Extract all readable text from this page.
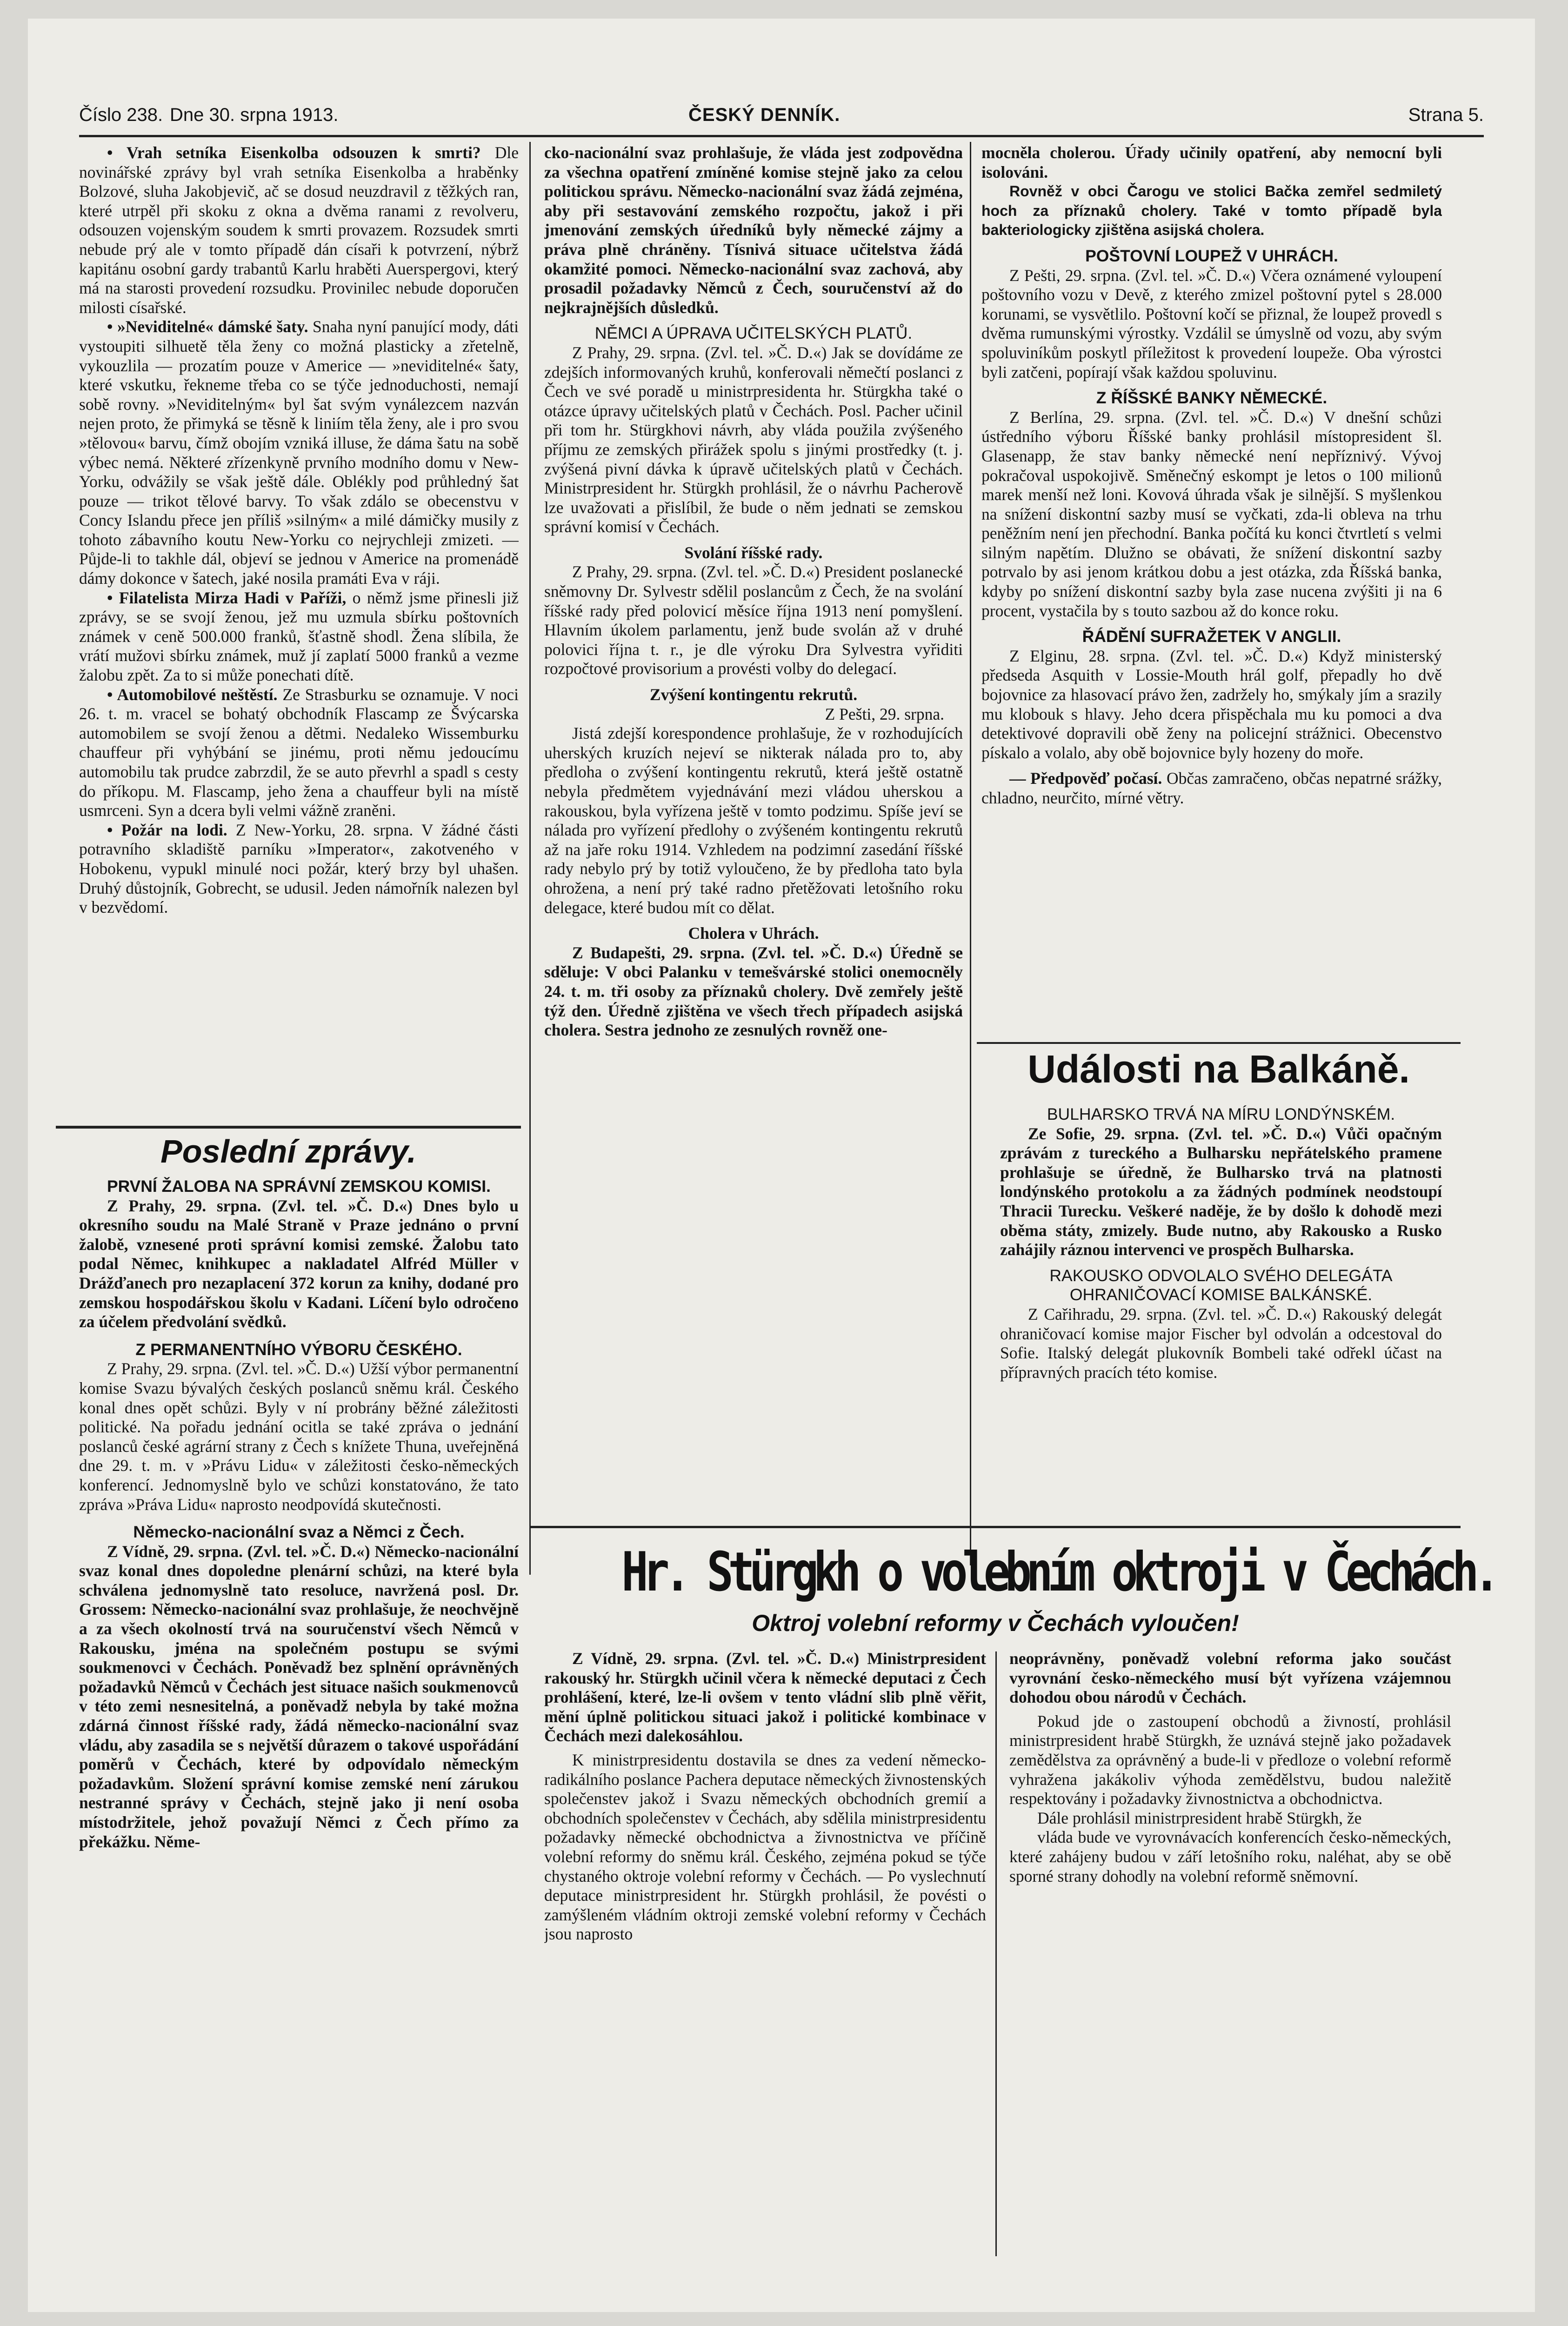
Číslo 238. Dne 30. srpna 1913.	ČESKÝ DENNÍK.	Strana 5.

• Vrah setníka Eisenkolba odsouzen k smrti? Dle novinářské zprávy byl vrah setníka Eisenkolba a hraběnky Bolzové, sluha Jakobjevič, ač se dosud neuzdravil z těžkých ran, které utrpěl při skoku z okna a dvěma ranami z revolveru, odsouzen vojenským soudem k smrti provazem. Rozsudek smrti nebude prý ale v tomto případě dán císaři k potvrzení, nýbrž kapitánu osobní gardy trabantů Karlu hraběti Auerspergovi, který má na starosti provedení rozsudku. Provinilec nebude doporučen milosti císařské.

• »Neviditelné« dámské šaty. Snaha nyní panující mody, dáti vystoupiti silhuetě těla ženy co možná plasticky a zřetelně, vykouzlila — prozatím pouze v Americe — »neviditelné« šaty, které vskutku, řekneme třeba co se týče jednoduchosti, nemají sobě rovny. »Neviditelným« byl šat svým vynálezcem nazván nejen proto, že přimyká se těsně k liniím těla ženy, ale i pro svou »tělovou« barvu, čímž obojím vzniká illuse, že dáma šatu na sobě výbec nemá. Některé zřízenkyně prvního modního domu v New-Yorku, odvážily se však ještě dále. Oblékly pod průhledný šat pouze — trikot tělové barvy. To však zdálo se obecenstvu v Concy Islandu přece jen příliš »silným« a milé dámičky musily z tohoto zábavního koutu New-Yorku co nejrychleji zmizeti. — Půjde-li to takhle dál, objeví se jednou v Americe na promenádě dámy dokonce v šatech, jaké nosila pramáti Eva v ráji.

• Filatelista Mirza Hadi v Paříži, o němž jsme přinesli již zprávy, se se svojí ženou, jež mu uzmula sbírku poštovních známek v ceně 500.000 franků, šťastně shodl. Žena slíbila, že vrátí mužovi sbírku známek, muž jí zaplatí 5000 franků a vezme žalobu zpět. Za to si může ponechati dítě.

• Automobilové neštěstí. Ze Strasburku se oznamuje. V noci 26. t. m. vracel se bohatý obchodník Flascamp ze Švýcarska automobilem se svojí ženou a dětmi. Nedaleko Wissemburku chauffeur při vyhýbání se jinému, proti němu jedoucímu automobilu tak prudce zabrzdil, že se auto převrhl a spadl s cesty do příkopu. M. Flascamp, jeho žena a chauffeur byli na místě usmrceni. Syn a dcera byli velmi vážně zraněni.

• Požár na lodi. Z New-Yorku, 28. srpna. V žádné části potravního skladiště parníku »Imperator«, zakotveného v Hobokenu, vypukl minulé noci požár, který brzy byl uhašen. Druhý důstojník, Gobrecht, se udusil. Jeden námořník nalezen byl v bezvědomí.

Poslední zprávy.

PRVNÍ ŽALOBA NA SPRÁVNÍ ZEMSKOU KOMISI.

Z Prahy, 29. srpna. (Zvl. tel. »Č. D.«) Dnes bylo u okresního soudu na Malé Straně v Praze jednáno o první žalobě, vznesené proti správní komisi zemské. Žalobu tato podal Němec, knihkupec a nakladatel Alfréd Müller v Drážďanech pro nezaplacení 372 korun za knihy, dodané pro zemskou hospodářskou školu v Kadani. Líčení bylo odročeno za účelem předvolání svědků.

Z PERMANENTNÍHO VÝBORU ČESKÉHO.

Z Prahy, 29. srpna. (Zvl. tel. »Č. D.«) Užší výbor permanentní komise Svazu bývalých českých poslanců sněmu král. Českého konal dnes opět schůzi. Byly v ní probrány běžné záležitosti politické. Na pořadu jednání ocitla se také zpráva o jednání poslanců české agrární strany z Čech s knížete Thuna, uveřejněná dne 29. t. m. v »Právu Lidu« v záležitosti česko-německých konferencí. Jednomyslně bylo ve schůzi konstatováno, že tato zpráva »Práva Lidu« naprosto neodpovídá skutečnosti.

Německo-nacionální svaz a Němci z Čech.

Z Vídně, 29. srpna. (Zvl. tel. »Č. D.«) Německo-nacionální svaz konal dnes dopoledne plenární schůzi, na které byla schválena jednomyslně tato resoluce, navržená posl. Dr. Grossem: Německo-nacionální svaz prohlašuje, že neochvějně a za všech okolností trvá na souručenství všech Němců v Rakousku, jména na společném postupu se svými soukmenovci v Čechách. Poněvadž bez splnění oprávněných požadavků Němců v Čechách jest situace našich soukmenovců v této zemi nesnesitelná, a poněvadž nebyla by také možna zdárná činnost říšské rady, žádá německo-nacionální svaz vládu, aby zasadila se s největší důrazem o takové uspořádání poměrů v Čechách, které by odpovídalo německým požadavkům. Složení správní komise zemské není zárukou nestranné správy v Čechách, stejně jako ji není osoba místodržitele, jehož považují Němci z Čech přímo za překážku. Něme-

cko-nacionální svaz prohlašuje, že vláda jest zodpovědna za všechna opatření zmíněné komise stejně jako za celou politickou správu. Německo-nacionální svaz žádá zejména, aby při sestavování zemského rozpočtu, jakož i při jmenování zemských úředníků byly německé zájmy a práva plně chráněny. Tísnivá situace učitelstva žádá okamžité pomoci. Německo-nacionální svaz zachová, aby prosadil požadavky Němců z Čech, souručenství až do nejkrajnějších důsledků.

NĚMCI A ÚPRAVA UČITELSKÝCH PLATŮ.

Z Prahy, 29. srpna. (Zvl. tel. »Č. D.«) Jak se dovídáme ze zdejších informovaných kruhů, konferovali němečtí poslanci z Čech ve své poradě u ministrpresidenta hr. Stürgkha také o otázce úpravy učitelských platů v Čechách. Posl. Pacher učinil při tom hr. Stürgkhovi návrh, aby vláda použila zvýšeného příjmu ze zemských přirážek spolu s jinými prostředky (t. j. zvýšená pivní dávka k úpravě učitelských platů v Čechách. Ministrpresident hr. Stürgkh prohlásil, že o návrhu Pacherově lze uvažovati a přislíbil, že bude o něm jednati se zemskou správní komisí v Čechách.

Svolání říšské rady.

Z Prahy, 29. srpna. (Zvl. tel. »Č. D.«) President poslanecké sněmovny Dr. Sylvestr sdělil poslancům z Čech, že na svolání říšské rady před polovicí měsíce října 1913 není pomyšlení. Hlavním úkolem parlamentu, jenž bude svolán až v druhé polovici října t. r., je dle výroku Dra Sylvestra vyřiditi rozpočtové provisorium a provésti volby do delegací.

Zvýšení kontingentu rekrutů.

Z Pešti, 29. srpna.

Jistá zdejší korespondence prohlašuje, že v rozhodujících uherských kruzích nejeví se nikterak nálada pro to, aby předloha o zvýšení kontingentu rekrutů, která ještě ostatně nebyla předmětem vyjednávání mezi vládou uherskou a rakouskou, byla vyřízena ještě v tomto podzimu. Spíše jeví se nálada pro vyřízení předlohy o zvýšeném kontingentu rekrutů až na jaře roku 1914. Vzhledem na podzimní zasedání říšské rady nebylo prý by totiž vyloučeno, že by předloha tato byla ohrožena, a není prý také radno přetěžovati letošního roku delegace, které budou mít co dělat.

Cholera v Uhrách.

Z Budapešti, 29. srpna. (Zvl. tel. »Č. D.«) Úředně se sděluje: V obci Palanku v temešvárské stolici onemocněly 24. t. m. tři osoby za příznaků cholery. Dvě zemřely ještě týž den. Úředně zjištěna ve všech třech případech asijská cholera. Sestra jednoho ze zesnulých rovněž one-

mocněla cholerou. Úřady učinily opatření, aby nemocní byli isolováni.

Rovněž v obci Čarogu ve stolici Bačka zemřel sedmiletý hoch za příznaků cholery. Také v tomto případě byla bakteriologicky zjištěna asijská cholera.

POŠTOVNÍ LOUPEŽ V UHRÁCH.

Z Pešti, 29. srpna. (Zvl. tel. »Č. D.«) Včera oznámené vyloupení poštovního vozu v Devě, z kterého zmizel poštovní pytel s 28.000 korunami, se vysvětlilo. Poštovní kočí se přiznal, že loupež provedl s dvěma rumunskými výrostky. Vzdálil se úmyslně od vozu, aby svým spoluviníkům poskytl příležitost k provedení loupeže. Oba výrostci byli zatčeni, popírají však každou spoluvinu.

Z ŘÍŠSKÉ BANKY NĚMECKÉ.

Z Berlína, 29. srpna. (Zvl. tel. »Č. D.«) V dnešní schůzi ústředního výboru Říšské banky prohlásil místopresident šl. Glasenapp, že stav banky německé není nepříznivý. Vývoj pokračoval uspokojivě. Směnečný eskompt je letos o 100 milionů marek menší než loni. Kovová úhrada však je silnější. S myšlenkou na snížení diskontní sazby musí se vyčkati, zda-li obleva na trhu peněžním není jen přechodní. Banka počítá ku konci čtvrtletí s velmi silným napětím. Dlužno se obávati, že snížení diskontní sazby potrvalo by asi jenom krátkou dobu a jest otázka, zda Říšská banka, kdyby po snížení diskontní sazby byla zase nucena zvýšiti ji na 6 procent, vystačila by s touto sazbou až do konce roku.

ŘÁDĚNÍ SUFRAŽETEK V ANGLII.

Z Elginu, 28. srpna. (Zvl. tel. »Č. D.«) Když ministerský předseda Asquith v Lossie-Mouth hrál golf, přepadly ho dvě bojovnice za hlasovací právo žen, zadržely ho, smýkaly jím a srazily mu klobouk s hlavy. Jeho dcera přispěchala mu ku pomoci a dva detektivové dopravili obě ženy na policejní strážnici. Obecenstvo pískalo a volalo, aby obě bojovnice byly hozeny do moře.

— Předpověď počasí. Občas zamračeno, občas nepatrné srážky, chladno, neurčito, mírné větry.

Události na Balkáně.

BULHARSKO TRVÁ NA MÍRU LONDÝNSKÉM.

Ze Sofie, 29. srpna. (Zvl. tel. »Č. D.«) Vůči opačným zprávám z tureckého a Bulharsku nepřátelského pramene prohlašuje se úředně, že Bulharsko trvá na platnosti londýnského protokolu a za žádných podmínek neodstoupí Thracii Turecku. Veškeré naděje, že by došlo k dohodě mezi oběma státy, zmizely. Bude nutno, aby Rakousko a Rusko zahájily ráznou intervenci ve prospěch Bulharska.

RAKOUSKO ODVOLALO SVÉHO DELEGÁTA OHRANIČOVACÍ KOMISE BALKÁNSKÉ.

Z Cařihradu, 29. srpna. (Zvl. tel. »Č. D.«) Rakouský delegát ohraničovací komise major Fischer byl odvolán a odcestoval do Sofie. Italský delegát plukovník Bombeli také odřekl účast na přípravných pracích této komise.

Hr. Stürgkh o volebním oktroji v Čechách.
Oktroj volební reformy v Čechách vyloučen!

Z Vídně, 29. srpna. (Zvl. tel. »Č. D.«) Ministrpresident rakouský hr. Stürgkh učinil včera k německé deputaci z Čech prohlášení, které, lze-li ovšem v tento vládní slib plně věřit, mění úplně politickou situaci jakož i politické kombinace v Čechách mezi dalekosáhlou.

K ministrpresidentu dostavila se dnes za vedení německo-radikálního poslance Pachera deputace německých živnostenských společenstev jakož i Svazu německých obchodních gremií a obchodních společenstev v Čechách, aby sdělila ministrpresidentu požadavky německé obchodnictva a živnostnictva ve příčině volební reformy do sněmu král. Českého, zejména pokud se týče chystaného oktroje volební reformy v Čechách. — Po vyslechnutí deputace ministrpresident hr. Stürgkh prohlásil, že povésti o zamýšleném vládním oktroji zemské volební reformy v Čechách jsou naprosto

neoprávněny, poněvadž volební reforma jako součást vyrovnání česko-německého musí být vyřízena vzájemnou dohodou obou národů v Čechách.

Pokud jde o zastoupení obchodů a živností, prohlásil ministrpresident hrabě Stürgkh, že uznává stejně jako požadavek zemědělstva za oprávněný a bude-li v předloze o volební reformě vyhražena jakákoliv výhoda zemědělstvu, budou naležitě respektovány i požadavky živnostnictva a obchodnictva.

Dále prohlásil ministrpresident hrabě Stürgkh, že

vláda bude ve vyrovnávacích konferencích česko-německých, které zahájeny budou v září letošního roku, naléhat, aby se obě sporné strany dohodly na volební reformě sněmovní.
